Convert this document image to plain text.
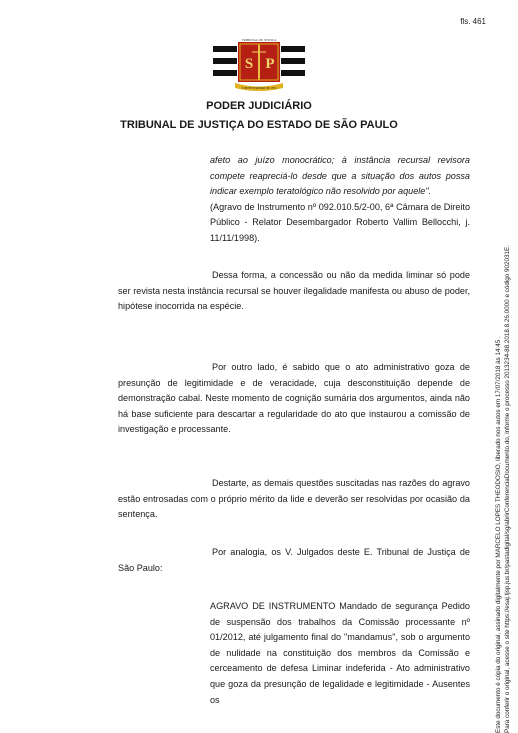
fls. 461
TRIBUNAL DE JUSTIÇA
3 DE FEVEREIRO DE 1874
S P
PODER JUDICIÁRIO
TRIBUNAL DE JUSTIÇA DO ESTADO DE SÃO PAULO

afeto ao juízo monocrático; à instância recursal revisora compete reapreciá-lo desde que a situação dos autos possa indicar exemplo teratológico não resolvido por aquele".

(Agravo de Instrumento nº 092.010.5/2-00, 6ª Câmara de Direito Público - Relator Desembargador Roberto Vallim Bellocchi, j. 11/11/1998).

Dessa forma, a concessão ou não da medida liminar só pode ser revista nesta instância recursal se houver ilegalidade manifesta ou abuso de poder, hipótese inocorrida na espécie.
Por outro lado, é sabido que o ato administrativo goza de presunção de legitimidade e de veracidade, cuja desconstituição depende de demonstração cabal. Neste momento de cognição sumária dos argumentos, ainda não há base suficiente para descartar a regularidade do ato que instaurou a comissão de investigação e processante.
Destarte, as demais questões suscitadas nas razões do agravo estão entrosadas com o próprio mérito da lide e deverão ser resolvidas por ocasião da sentença.
Por analogia, os V. Julgados deste E. Tribunal de Justiça de São Paulo:
AGRAVO DE INSTRUMENTO Mandado de segurança Pedido de suspensão dos trabalhos da Comissão processante nº 01/2012, até julgamento final do "mandamus", sob o argumento de nulidade na constituição dos membros da Comissão e cerceamento de defesa Liminar indeferida - Ato administrativo que goza da presunção de legalidade e legitimidade - Ausentes os	Este documento é cópia do original, assinado digitalmente por MARCELO LOPES THEODOSIO, liberado nos autos em 17/07/2018 às 14:45 . Para conferir o original, acesse o site https://esaj.tjsp.jus.br/pastadigital/sg/abrirConferenciaDocumento.do, informe o processo 2013234-88.2018.8.26.0000 e código 902031E.
